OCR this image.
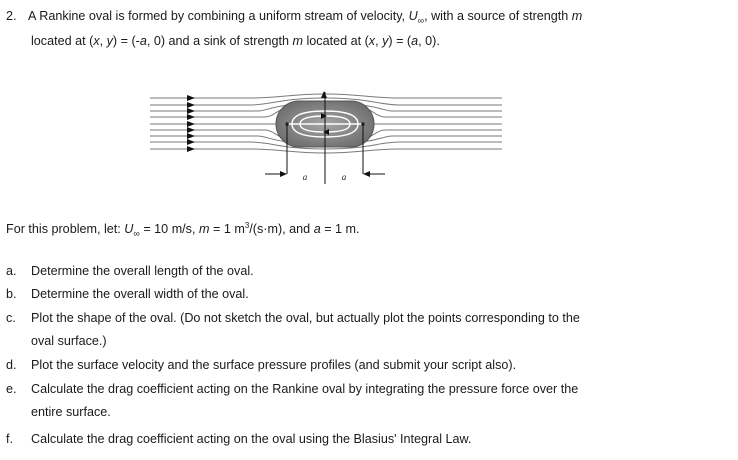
2. A Rankine oval is formed by combining a uniform stream of velocity, $U_\infty$, with a source of strength m
located at (x, y) = (-a, 0) and a sink of strength m located at (x, y) = (a, 0).
a	a
For this problem, let: $U_\infty = 10$ m/s, m = 1 $m^3/(s\cdot m)$, and a = 1 m.
a. Determine the overall length of the oval.
b. Determine the overall width of the oval.
c. Plot the shape of the oval. (Do not sketch the oval, but actually plot the points corresponding to the
oval surface.)
d. Plot the surface velocity and the surface pressure profiles (and submit your script also).
e. Calculate the drag coefficient acting on the Rankine oval by integrating the pressure force over the
entire surface.
f. Calculate the drag coefficient acting on the oval using the Blasius' Integral Law.
